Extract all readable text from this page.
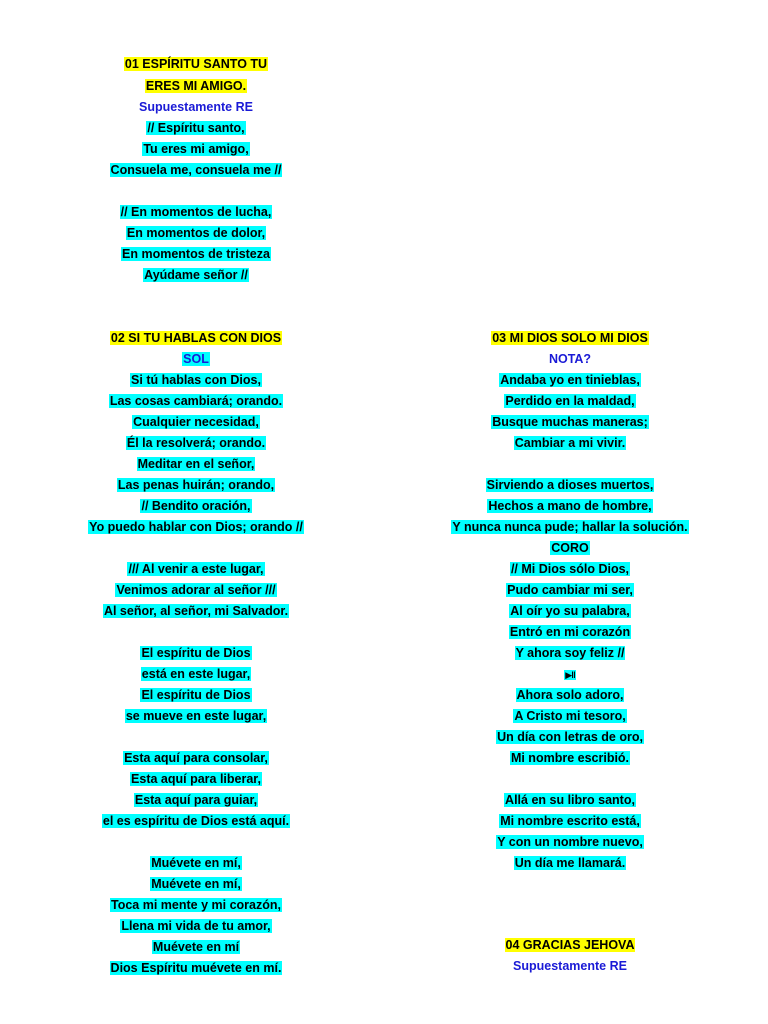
01 ESPÍRITU SANTO TU
ERES MI AMIGO.
Supuestamente RE
// Espíritu santo,
Tu eres mi amigo,
Consuela me, consuela me //
// En momentos de lucha,
En momentos de dolor,
En momentos de tristeza
Ayúdame señor //
02 SI TU HABLAS CON DIOS
SOL
Si tú hablas con Dios,
Las cosas cambiará; orando.
Cualquier necesidad,
Él la resolverá; orando.
Meditar en el señor,
Las penas huirán; orando,
// Bendito oración,
Yo puedo hablar con Dios; orando //
/// Al venir a este lugar,
Venimos adorar al señor ///
Al señor, al señor, mi Salvador.
El espíritu de Dios
está en este lugar,
El espíritu de Dios
se mueve en este lugar,
Esta aquí para consolar,
Esta aquí para liberar,
Esta aquí para guiar,
el es espíritu de Dios está aquí.
Muévete en mí,
Muévete en mí,
Toca mi mente y mi corazón,
Llena mi vida de tu amor,
Muévete en mí
Dios Espíritu muévete en mí.
03 MI DIOS SOLO MI DIOS
NOTA?
Andaba yo en tinieblas,
Perdido en la maldad,
Busque muchas maneras;
Cambiar a mi vivir.
Sirviendo a dioses muertos,
Hechos a mano de hombre,
Y nunca nunca pude; hallar la solución.
CORO
// Mi Dios sólo Dios,
Pudo cambiar mi ser,
Al oír yo su palabra,
Entró en mi corazón
Y ahora soy feliz //
▶‖
Ahora solo adoro,
A Cristo mi tesoro,
Un día con letras de oro,
Mi nombre escribió.
Allá en su libro santo,
Mi nombre escrito está,
Y con un nombre nuevo,
Un día me llamará.
04 GRACIAS JEHOVA
Supuestamente RE
